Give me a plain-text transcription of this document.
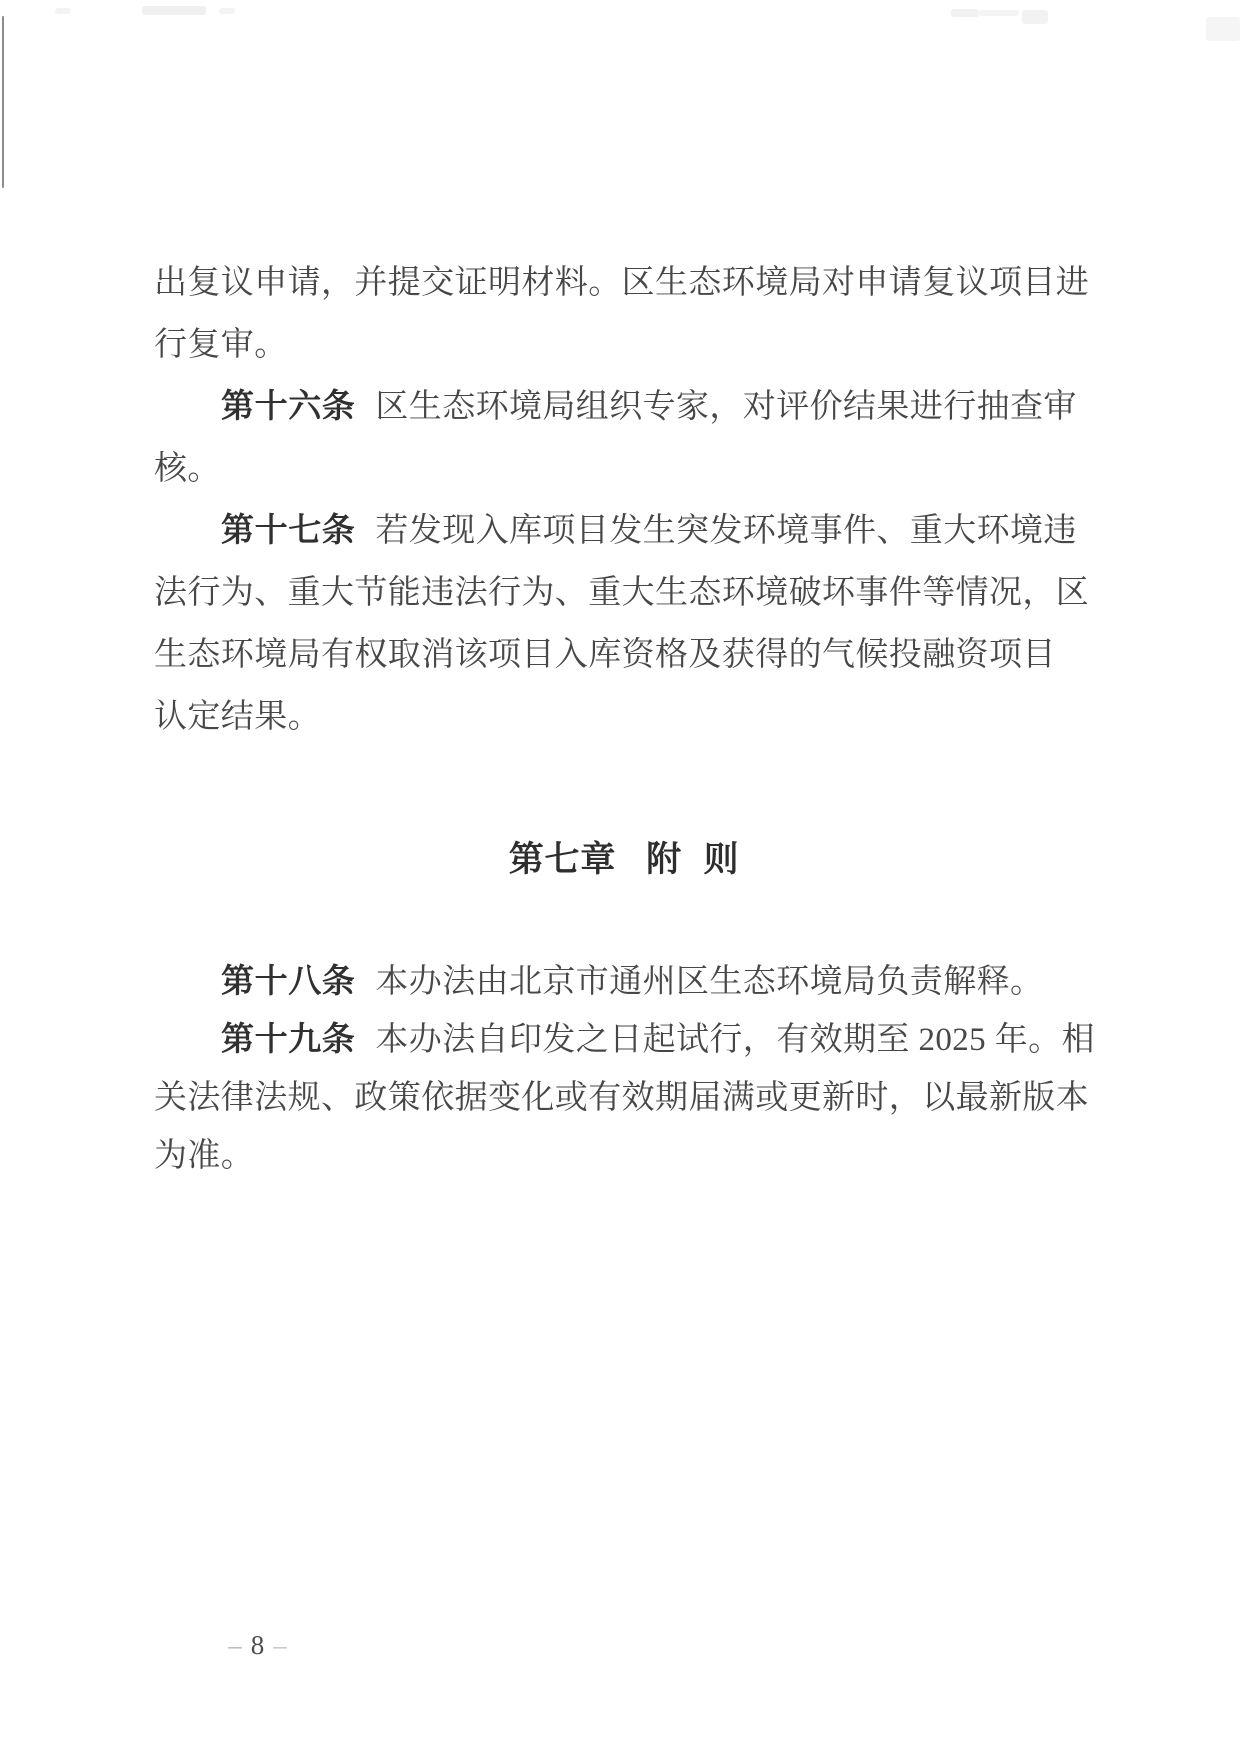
出复议申请，并提交证明材料。区生态环境局对申请复议项目进
行复审。
第十六条 区生态环境局组织专家，对评价结果进行抽查审
核。
第十七条 若发现入库项目发生突发环境事件、重大环境违
法行为、重大节能违法行为、重大生态环境破坏事件等情况，区
生态环境局有权取消该项目入库资格及获得的气候投融资项目
认定结果。
第七章 附 则
第十八条 本办法由北京市通州区生态环境局负责解释。
第十九条 本办法自印发之日起试行，有效期至 2025 年。相
关法律法规、政策依据变化或有效期届满或更新时，以最新版本
为准。
– 8 –
